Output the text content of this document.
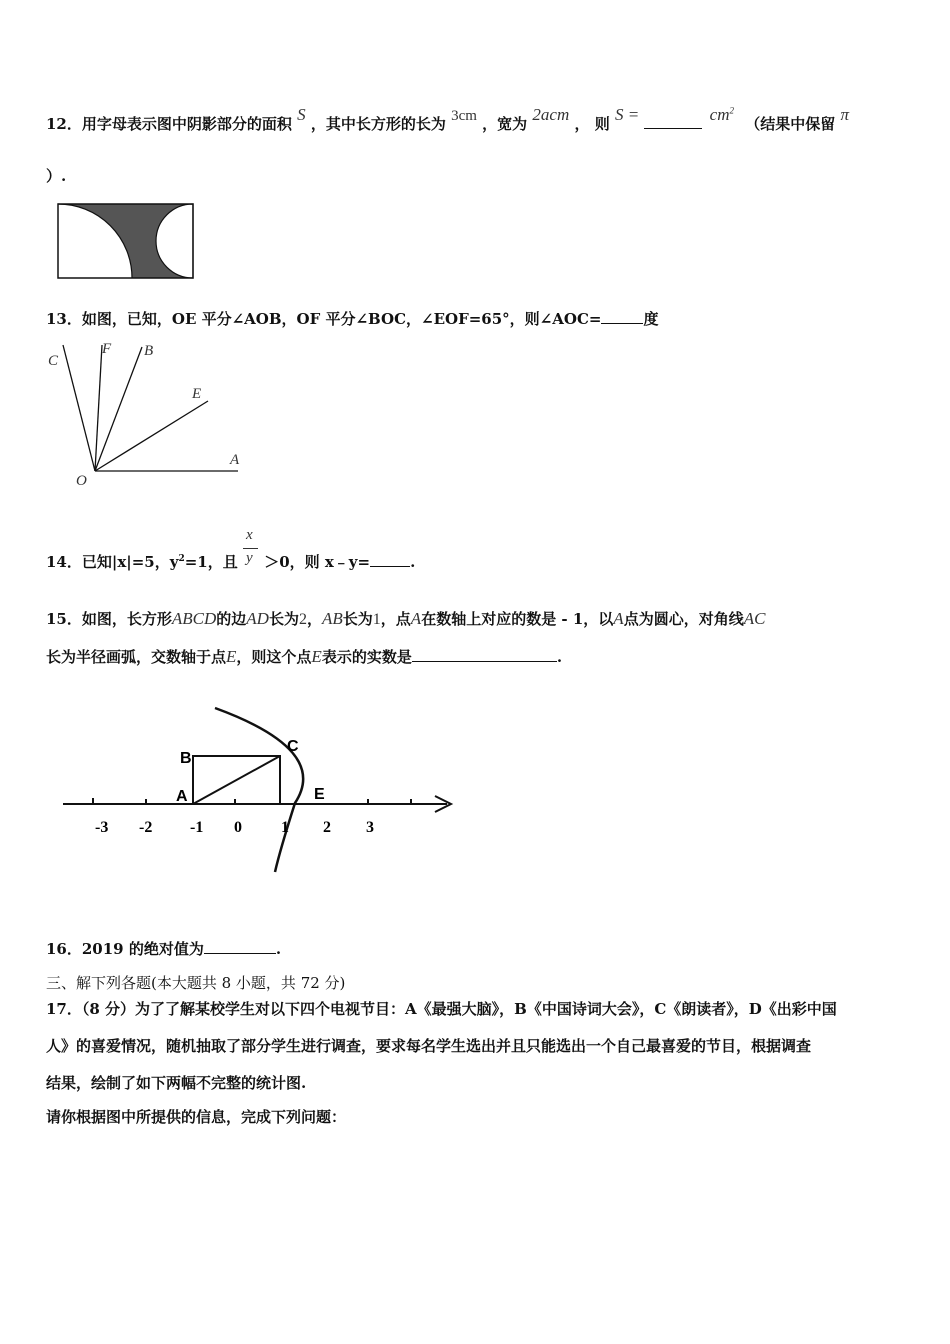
12．用字母表示图中阴影部分的面积 S ，其中长方形的长为 3cm ，宽为 2acm ， 则 S =	$cm^2$ （结果中保留 π
）.
13．如图，已知，OE 平分∠AOB，OF 平分∠BOC，∠EOF=65°，则∠AOC=	度
C
F B
E
A
O
14．已知|x|=5，$y^2=1$，且 $\frac{x}{y} >0$，则 x﹣y=	.
15．如图，长方形ABCD的边AD长为2，AB长为1，点A在数轴上对应的数是 - 1，以A点为圆心，对角线AC
长为半径画弧，交数轴于点E，则这个点E表示的实数是	.
B
C
A	E
-3 -2 -1 0 1 2 3
16．2019 的绝对值为	.
三、解下列各题(本大题共 8 小题，共 72 分)
17．（8 分）为了了解某校学生对以下四个电视节目：A《最强大脑》，B《中国诗词大会》，C《朗读者》，D《出彩中国
人》的喜爱情况，随机抽取了部分学生进行调查，要求每名学生选出并且只能选出一个自己最喜爱的节目，根据调查
结果，绘制了如下两幅不完整的统计图.
请你根据图中所提供的信息，完成下列问题：
